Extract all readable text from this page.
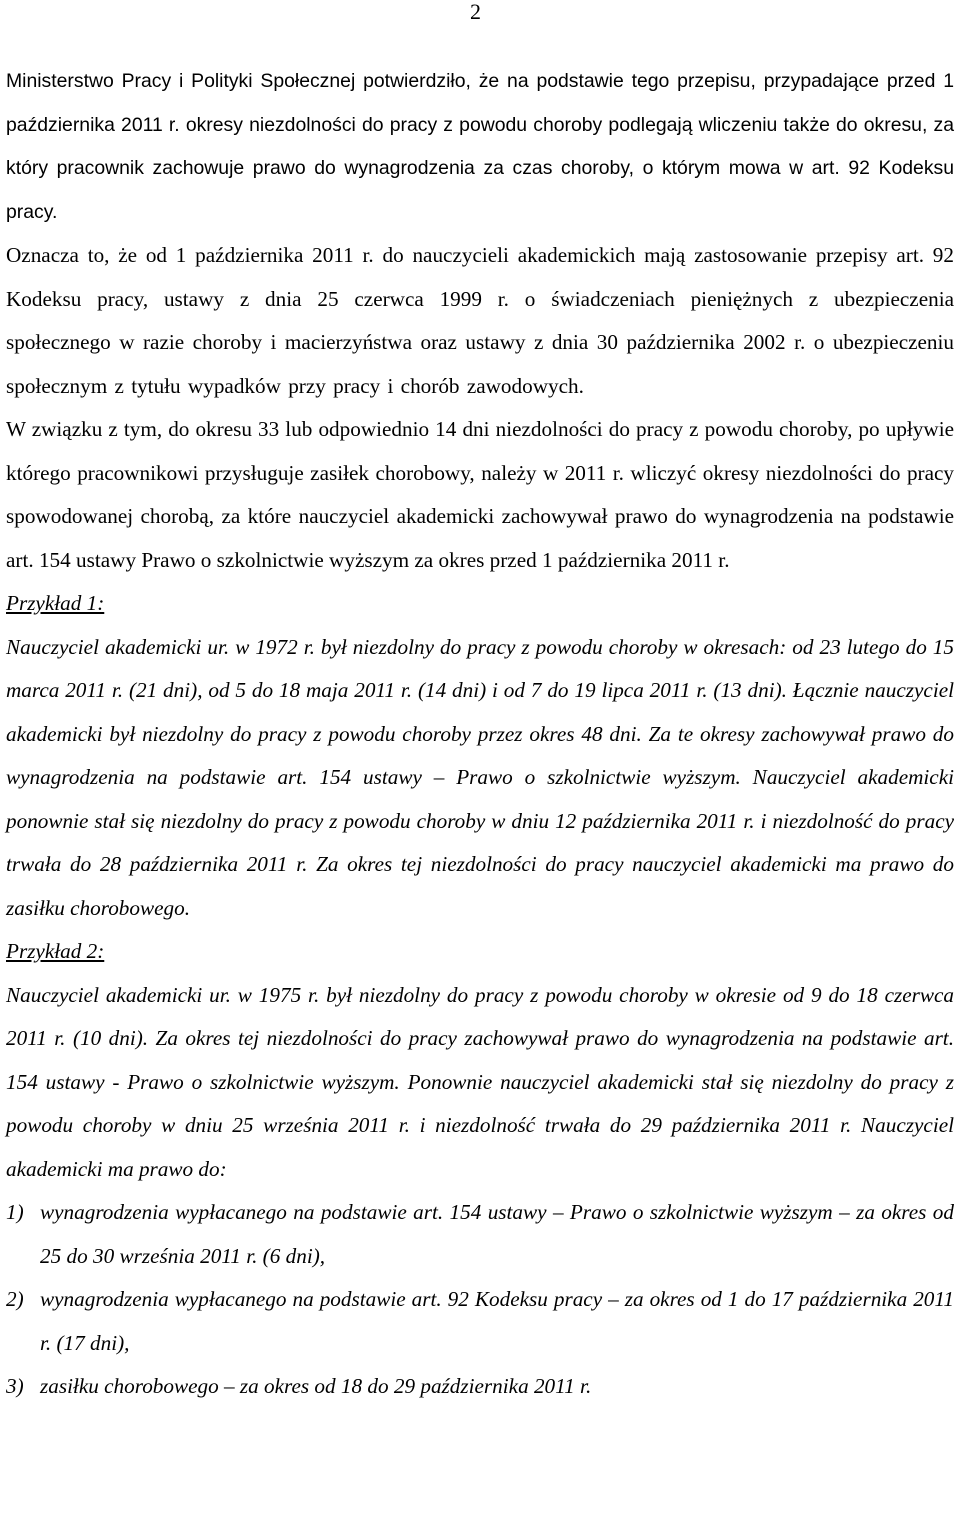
2

Ministerstwo Pracy i Polityki Społecznej potwierdziło, że na podstawie tego przepisu, przypadające przed 1 października 2011 r. okresy niezdolności do pracy z powodu choroby podlegają wliczeniu także do okresu, za który pracownik zachowuje prawo do wynagrodzenia za czas choroby, o którym mowa w art. 92 Kodeksu pracy.

Oznacza to, że od 1 października 2011 r. do nauczycieli akademickich mają zastosowanie przepisy art. 92 Kodeksu pracy, ustawy z dnia 25 czerwca 1999 r. o świadczeniach pieniężnych z ubezpieczenia społecznego w razie choroby i macierzyństwa oraz ustawy z dnia 30 października 2002 r. o ubezpieczeniu społecznym z tytułu wypadków przy pracy i chorób zawodowych.

W związku z tym, do okresu 33 lub odpowiednio 14 dni niezdolności do pracy z powodu choroby, po upływie którego pracownikowi przysługuje zasiłek chorobowy, należy w 2011 r. wliczyć okresy niezdolności do pracy spowodowanej chorobą, za które nauczyciel akademicki zachowywał prawo do wynagrodzenia na podstawie art. 154 ustawy Prawo o szkolnictwie wyższym za okres przed 1 października 2011 r.

Przykład 1:

Nauczyciel akademicki ur. w 1972 r. był niezdolny do pracy z powodu choroby w okresach: od 23 lutego do 15 marca 2011 r. (21 dni), od 5 do 18 maja 2011 r. (14 dni) i od 7 do 19 lipca 2011 r. (13 dni). Łącznie nauczyciel akademicki był niezdolny do pracy z powodu choroby przez okres 48 dni. Za te okresy zachowywał prawo do wynagrodzenia na podstawie art. 154 ustawy – Prawo o szkolnictwie wyższym. Nauczyciel akademicki ponownie stał się niezdolny do pracy z powodu choroby w dniu 12 października 2011 r. i niezdolność do pracy trwała do 28 października 2011 r. Za okres tej niezdolności do pracy nauczyciel akademicki ma prawo do zasiłku chorobowego.

Przykład 2:

Nauczyciel akademicki ur. w 1975 r. był niezdolny do pracy z powodu choroby w okresie od 9 do 18 czerwca 2011 r. (10 dni). Za okres tej niezdolności do pracy zachowywał prawo do wynagrodzenia na podstawie art. 154 ustawy - Prawo o szkolnictwie wyższym. Ponownie nauczyciel akademicki stał się niezdolny do pracy z powodu choroby w dniu 25 września 2011 r. i niezdolność trwała do 29 października 2011 r. Nauczyciel akademicki ma prawo do:

1) wynagrodzenia wypłacanego na podstawie art. 154 ustawy – Prawo o szkolnictwie wyższym – za okres od 25 do 30 września 2011 r. (6 dni),
2) wynagrodzenia wypłacanego na podstawie art. 92 Kodeksu pracy – za okres od 1 do 17 października 2011 r. (17 dni),
3) zasiłku chorobowego – za okres od 18 do 29 października 2011 r.
